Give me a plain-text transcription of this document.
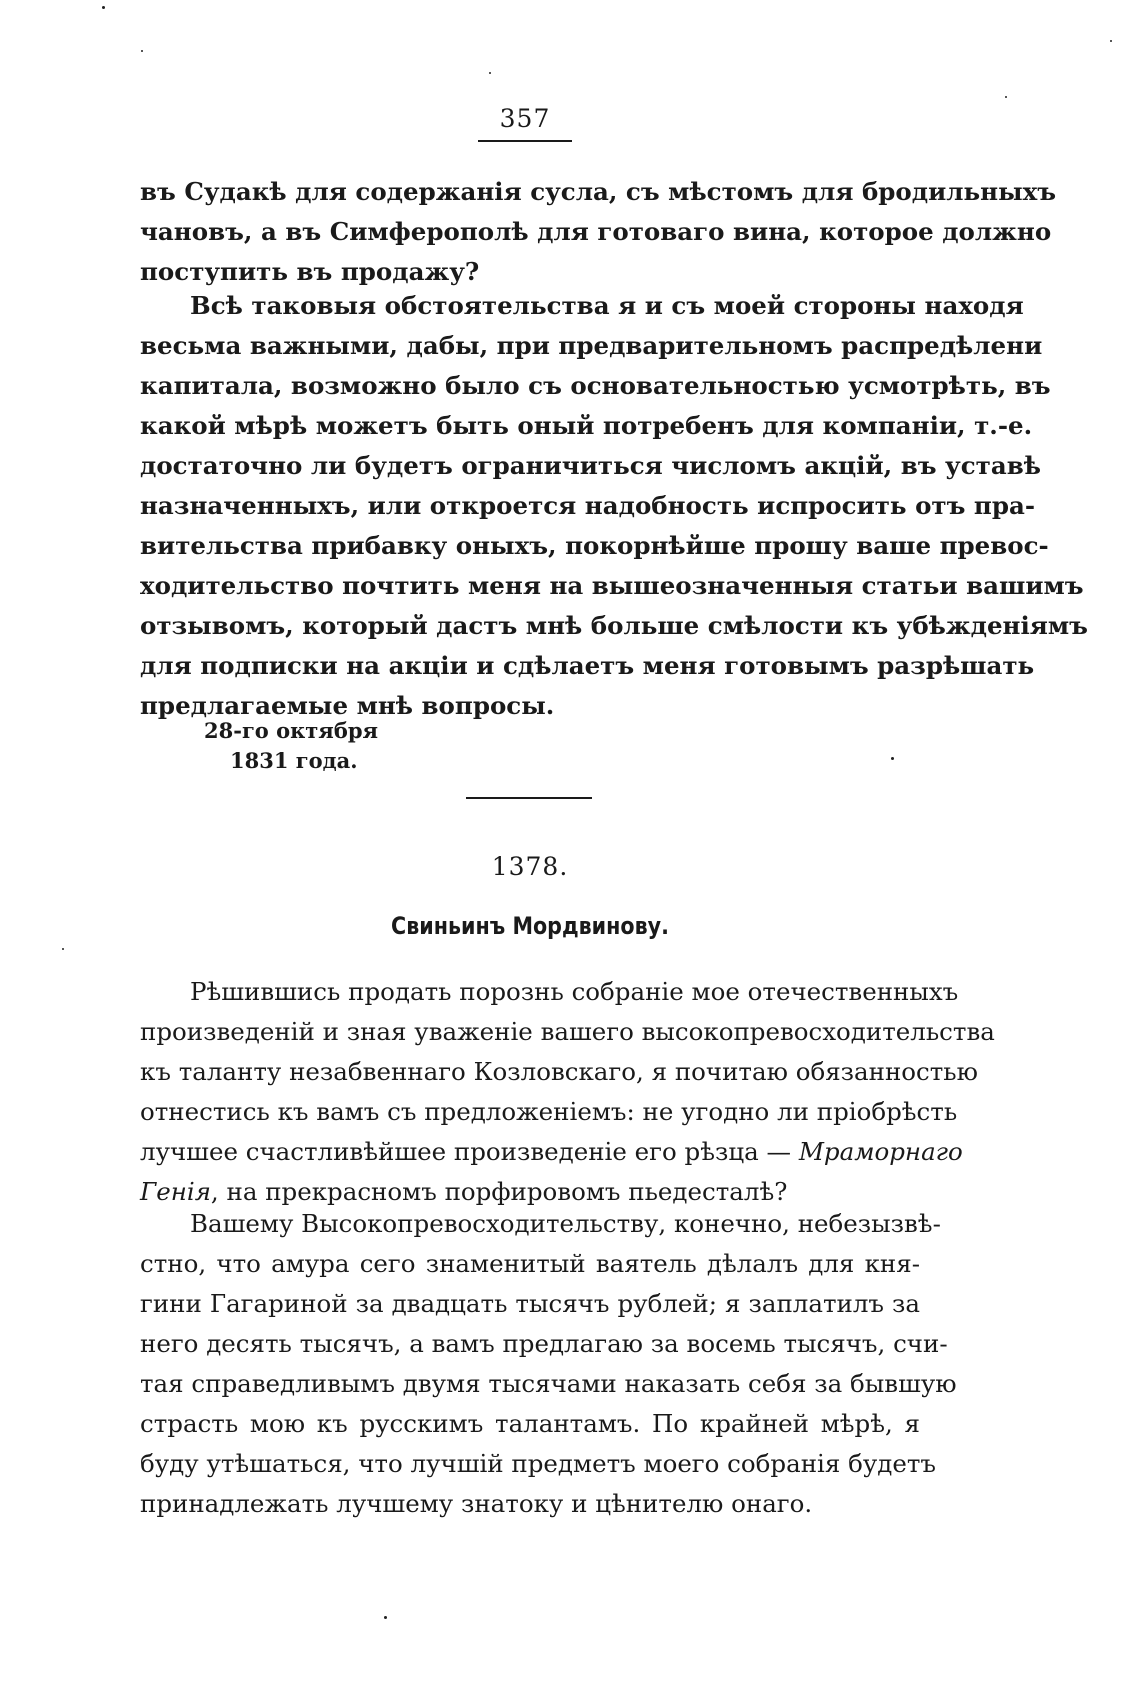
357
въ Судакѣ для содержанія сусла, съ мѣстомъ для бродильныхъ
чановъ, а въ Симферополѣ для готоваго вина, которое должно
поступить въ продажу?
Всѣ таковыя обстоятельства я и съ моей стороны находя
весьма важными, дабы, при предварительномъ распредѣлени
капитала, возможно было съ основательностью усмотрѣть, въ
какой мѣрѣ можетъ быть оный потребенъ для компаніи, т.-е.
достаточно ли будетъ ограничиться числомъ акцій, въ уставѣ
назначенныхъ, или откроется надобность испросить отъ пра-
вительства прибавку оныхъ, покорнѣйше прошу ваше превос-
ходительство почтить меня на вышеозначенныя статьи вашимъ
отзывомъ, который дастъ мнѣ больше смѣлости къ убѣжденіямъ
для подписки на акціи и сдѣлаетъ меня готовымъ разрѣшать
предлагаемые мнѣ вопросы.
28-го октября
1831 года.
1378.
Свиньинъ Мордвинову.
Рѣшившись продать порознь собраніе мое отечественныхъ
произведеній и зная уваженіе вашего высокопревосходительства
къ таланту незабвеннаго Козловскаго, я почитаю обязанностью
отнестись къ вамъ съ предложеніемъ: не угодно ли пріобрѣсть
лучшее счастливѣйшее произведеніе его рѣзца — Мраморнаго
Генія, на прекрасномъ порфировомъ пьедесталѣ?
Вашему Высокопревосходительству, конечно, небезызвѣ-
стно, что амура сего знаменитый ваятель дѣлалъ для кня-
гини Гагариной за двадцать тысячъ рублей; я заплатилъ за
него десять тысячъ, а вамъ предлагаю за восемь тысячъ, счи-
тая справедливымъ двумя тысячами наказать себя за бывшую
страсть мою къ русскимъ талантамъ. По крайней мѣрѣ, я
буду утѣшаться, что лучшій предметъ моего собранія будетъ
принадлежать лучшему знатоку и цѣнителю онаго.
